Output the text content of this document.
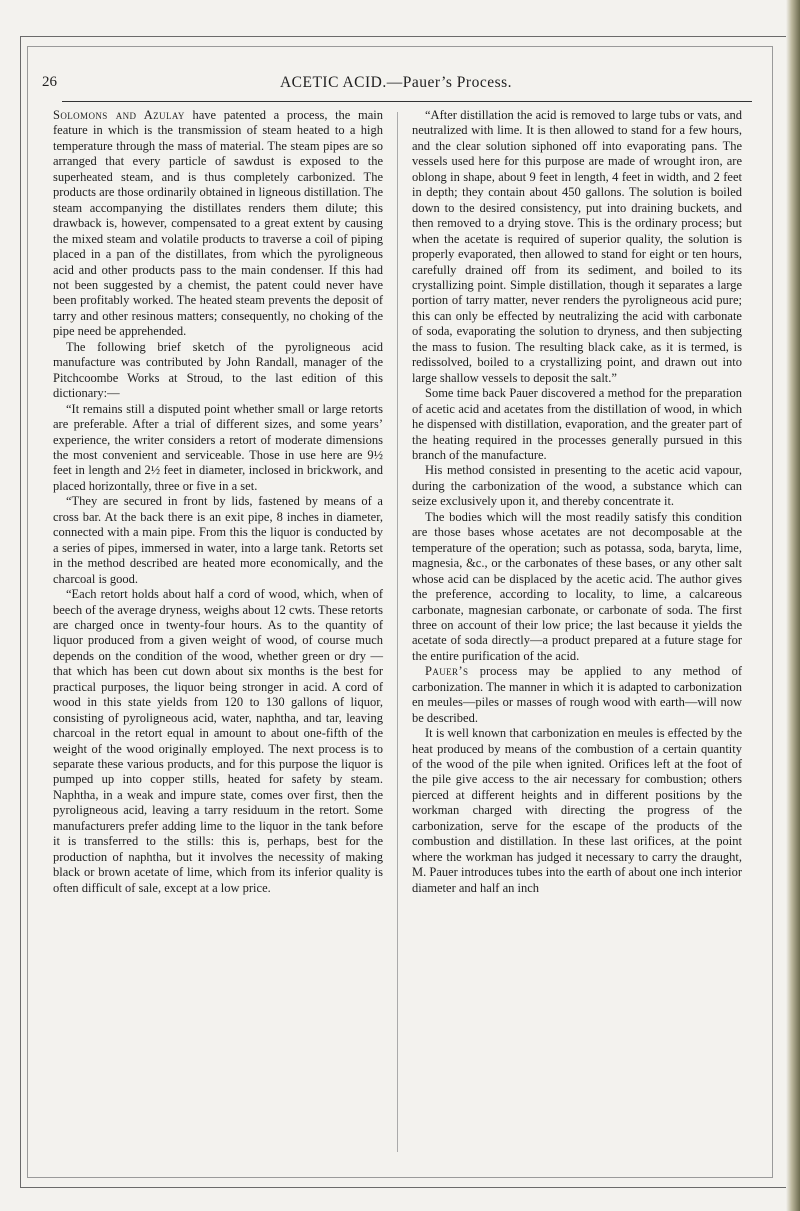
26	ACETIC ACID.—Pauer’s Process.

Solomons and Azulay have patented a process, the main feature in which is the transmission of steam heated to a high temperature through the mass of material. The steam pipes are so arranged that every particle of sawdust is exposed to the superheated steam, and is thus completely carbonized. The products are those ordinarily obtained in ligneous distillation. The steam accompanying the distillates renders them dilute; this drawback is, however, compensated to a great extent by causing the mixed steam and volatile products to traverse a coil of piping placed in a pan of the distillates, from which the pyroligneous acid and other products pass to the main condenser. If this had not been suggested by a chemist, the patent could never have been profitably worked. The heated steam prevents the deposit of tarry and other resinous matters; consequently, no choking of the pipe need be apprehended.

The following brief sketch of the pyroligneous acid manufacture was contributed by John Randall, manager of the Pitchcoombe Works at Stroud, to the last edition of this dictionary:—

“It remains still a disputed point whether small or large retorts are preferable. After a trial of different sizes, and some years’ experience, the writer considers a retort of moderate dimensions the most convenient and serviceable. Those in use here are 9½ feet in length and 2½ feet in diameter, inclosed in brickwork, and placed horizontally, three or five in a set.

“They are secured in front by lids, fastened by means of a cross bar. At the back there is an exit pipe, 8 inches in diameter, connected with a main pipe. From this the liquor is conducted by a series of pipes, immersed in water, into a large tank. Retorts set in the method described are heated more economically, and the charcoal is good.

“Each retort holds about half a cord of wood, which, when of beech of the average dryness, weighs about 12 cwts. These retorts are charged once in twenty-four hours. As to the quantity of liquor produced from a given weight of wood, of course much depends on the condition of the wood, whether green or dry —that which has been cut down about six months is the best for practical purposes, the liquor being stronger in acid. A cord of wood in this state yields from 120 to 130 gallons of liquor, consisting of pyroligneous acid, water, naphtha, and tar, leaving charcoal in the retort equal in amount to about one-fifth of the weight of the wood originally employed. The next process is to separate these various products, and for this purpose the liquor is pumped up into copper stills, heated for safety by steam. Naphtha, in a weak and impure state, comes over first, then the pyroligneous acid, leaving a tarry residuum in the retort. Some manufacturers prefer adding lime to the liquor in the tank before it is transferred to the stills: this is, perhaps, best for the production of naphtha, but it involves the necessity of making black or brown acetate of lime, which from its inferior quality is often difficult of sale, except at a low price.

“After distillation the acid is removed to large tubs or vats, and neutralized with lime. It is then allowed to stand for a few hours, and the clear solution siphoned off into evaporating pans. The vessels used here for this purpose are made of wrought iron, are oblong in shape, about 9 feet in length, 4 feet in width, and 2 feet in depth; they contain about 450 gallons. The solution is boiled down to the desired consistency, put into draining buckets, and then removed to a drying stove. This is the ordinary process; but when the acetate is required of superior quality, the solution is properly evaporated, then allowed to stand for eight or ten hours, carefully drained off from its sediment, and boiled to its crystallizing point. Simple distillation, though it separates a large portion of tarry matter, never renders the pyroligneous acid pure; this can only be effected by neutralizing the acid with carbonate of soda, evaporating the solution to dryness, and then subjecting the mass to fusion. The resulting black cake, as it is termed, is redissolved, boiled to a crystallizing point, and drawn out into large shallow vessels to deposit the salt.”

Some time back Pauer discovered a method for the preparation of acetic acid and acetates from the distillation of wood, in which he dispensed with distillation, evaporation, and the greater part of the heating required in the processes generally pursued in this branch of the manufacture.

His method consisted in presenting to the acetic acid vapour, during the carbonization of the wood, a substance which can seize exclusively upon it, and thereby concentrate it.

The bodies which will the most readily satisfy this condition are those bases whose acetates are not decomposable at the temperature of the operation; such as potassa, soda, baryta, lime, magnesia, &c., or the carbonates of these bases, or any other salt whose acid can be displaced by the acetic acid. The author gives the preference, according to locality, to lime, a calcareous carbonate, magnesian carbonate, or carbonate of soda. The first three on account of their low price; the last because it yields the acetate of soda directly—a product prepared at a future stage for the entire purification of the acid.

Pauer’s process may be applied to any method of carbonization. The manner in which it is adapted to carbonization en meules—piles or masses of rough wood with earth—will now be described.

It is well known that carbonization en meules is effected by the heat produced by means of the combustion of a certain quantity of the wood of the pile when ignited. Orifices left at the foot of the pile give access to the air necessary for combustion; others pierced at different heights and in different positions by the workman charged with directing the progress of the carbonization, serve for the escape of the products of the combustion and distillation. In these last orifices, at the point where the workman has judged it necessary to carry the draught, M. Pauer introduces tubes into the earth of about one inch interior diameter and half an inch
